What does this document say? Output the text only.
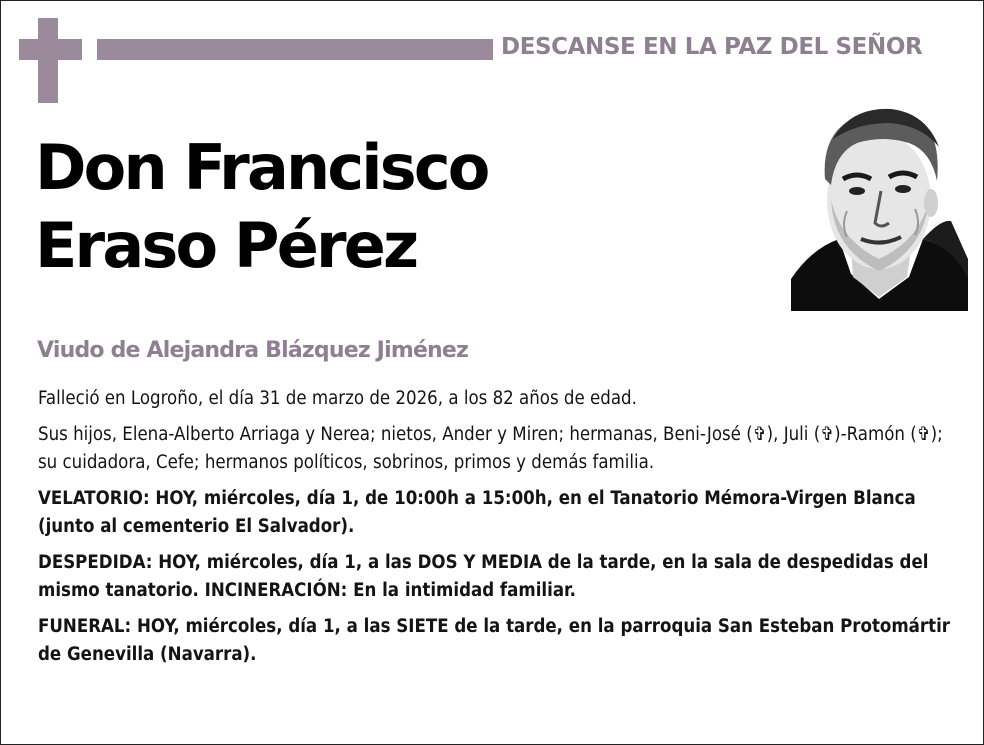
DESCANSE EN LA PAZ DEL SEÑOR
Don Francisco
Eraso Pérez
Viudo de Alejandra Blázquez Jiménez

Falleció en Logroño, el día 31 de marzo de 2026, a los 82 años de edad.

Sus hijos, Elena-Alberto Arriaga y Nerea; nietos, Ander y Miren; hermanas, Beni-José (✞), Juli (✞)-Ramón (✞); su cuidadora, Cefe; hermanos políticos, sobrinos, primos y demás familia.

VELATORIO: HOY, miércoles, día 1, de 10:00h a 15:00h, en el Tanatorio Mémora-Virgen Blanca (junto al cementerio El Salvador).

DESPEDIDA: HOY, miércoles, día 1, a las DOS Y MEDIA de la tarde, en la sala de despedidas del mismo tanatorio. INCINERACIÓN: En la intimidad familiar.

FUNERAL: HOY, miércoles, día 1, a las SIETE de la tarde, en la parroquia San Esteban Protomártir de Genevilla (Navarra).
